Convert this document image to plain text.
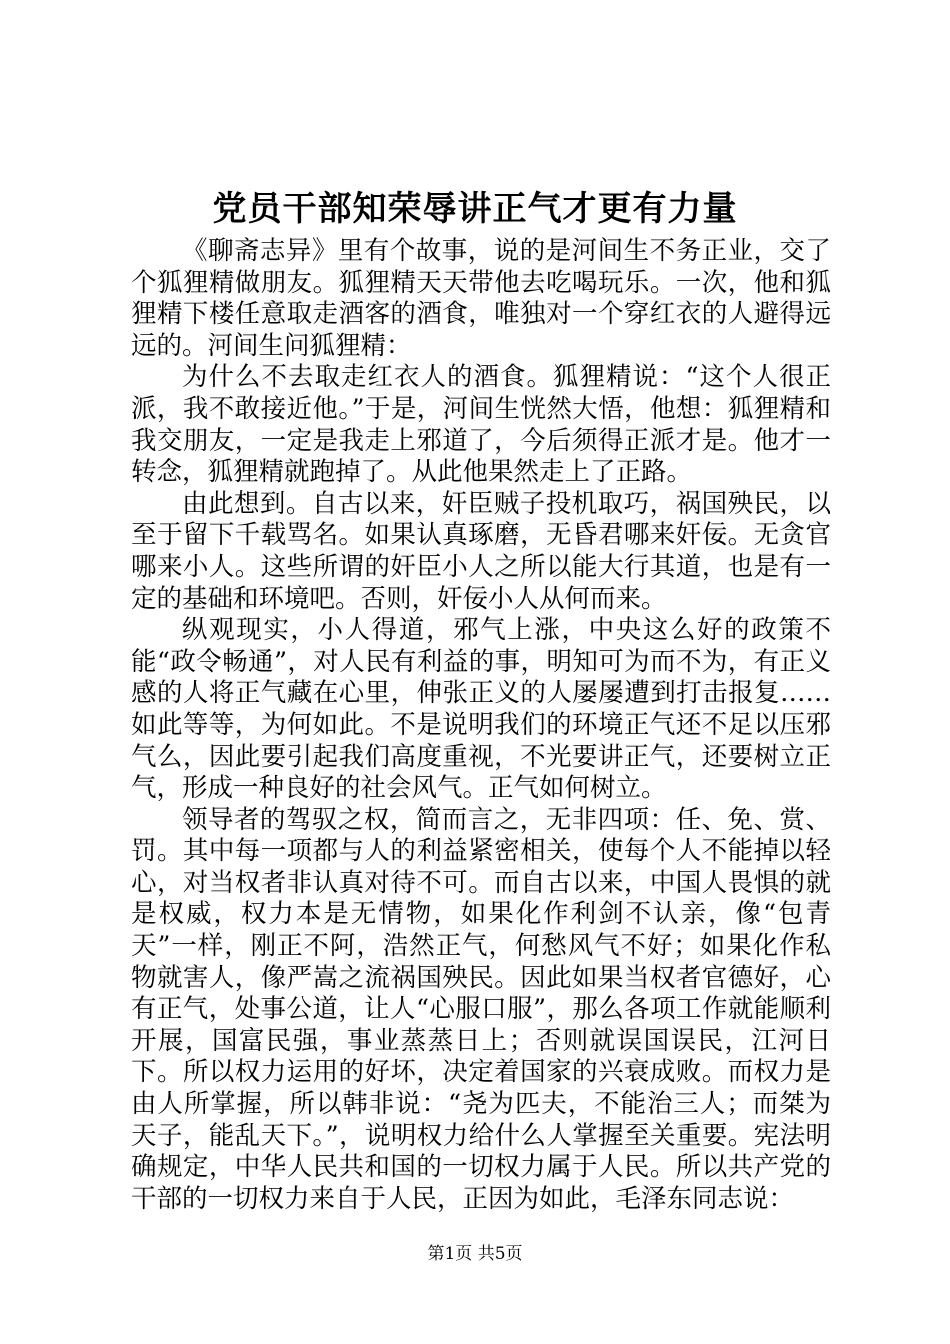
党员干部知荣辱讲正气才更有力量

《聊斋志异》里有个故事，说的是河间生不务正业，交了个狐狸精做朋友。狐狸精天天带他去吃喝玩乐。一次，他和狐狸精下楼任意取走酒客的酒食，唯独对一个穿红衣的人避得远远的。河间生问狐狸精：

为什么不去取走红衣人的酒食。狐狸精说：“这个人很正派，我不敢接近他。”于是，河间生恍然大悟，他想：狐狸精和我交朋友，一定是我走上邪道了，今后须得正派才是。他才一转念，狐狸精就跑掉了。从此他果然走上了正路。

由此想到。自古以来，奸臣贼子投机取巧，祸国殃民，以至于留下千载骂名。如果认真琢磨，无昏君哪来奸佞。无贪官哪来小人。这些所谓的奸臣小人之所以能大行其道，也是有一定的基础和环境吧。否则，奸佞小人从何而来。

纵观现实，小人得道，邪气上涨，中央这么好的政策不能“政令畅通”，对人民有利益的事，明知可为而不为，有正义感的人将正气藏在心里，伸张正义的人屡屡遭到打击报复……如此等等，为何如此。不是说明我们的环境正气还不足以压邪气么，因此要引起我们高度重视，不光要讲正气，还要树立正气，形成一种良好的社会风气。正气如何树立。

领导者的驾驭之权，简而言之，无非四项：任、免、赏、罚。其中每一项都与人的利益紧密相关，使每个人不能掉以轻心，对当权者非认真对待不可。而自古以来，中国人畏惧的就是权威，权力本是无情物，如果化作利剑不认亲，像“包青天”一样，刚正不阿，浩然正气，何愁风气不好；如果化作私物就害人，像严嵩之流祸国殃民。因此如果当权者官德好，心有正气，处事公道，让人“心服口服”，那么各项工作就能顺利开展，国富民强，事业蒸蒸日上；否则就误国误民，江河日下。所以权力运用的好坏，决定着国家的兴衰成败。而权力是由人所掌握，所以韩非说：“尧为匹夫，不能治三人；而桀为天子，能乱天下。”，说明权力给什么人掌握至关重要。宪法明确规定，中华人民共和国的一切权力属于人民。所以共产党的干部的一切权力来自于人民，正因为如此，毛泽东同志说：

第1页 共5页
